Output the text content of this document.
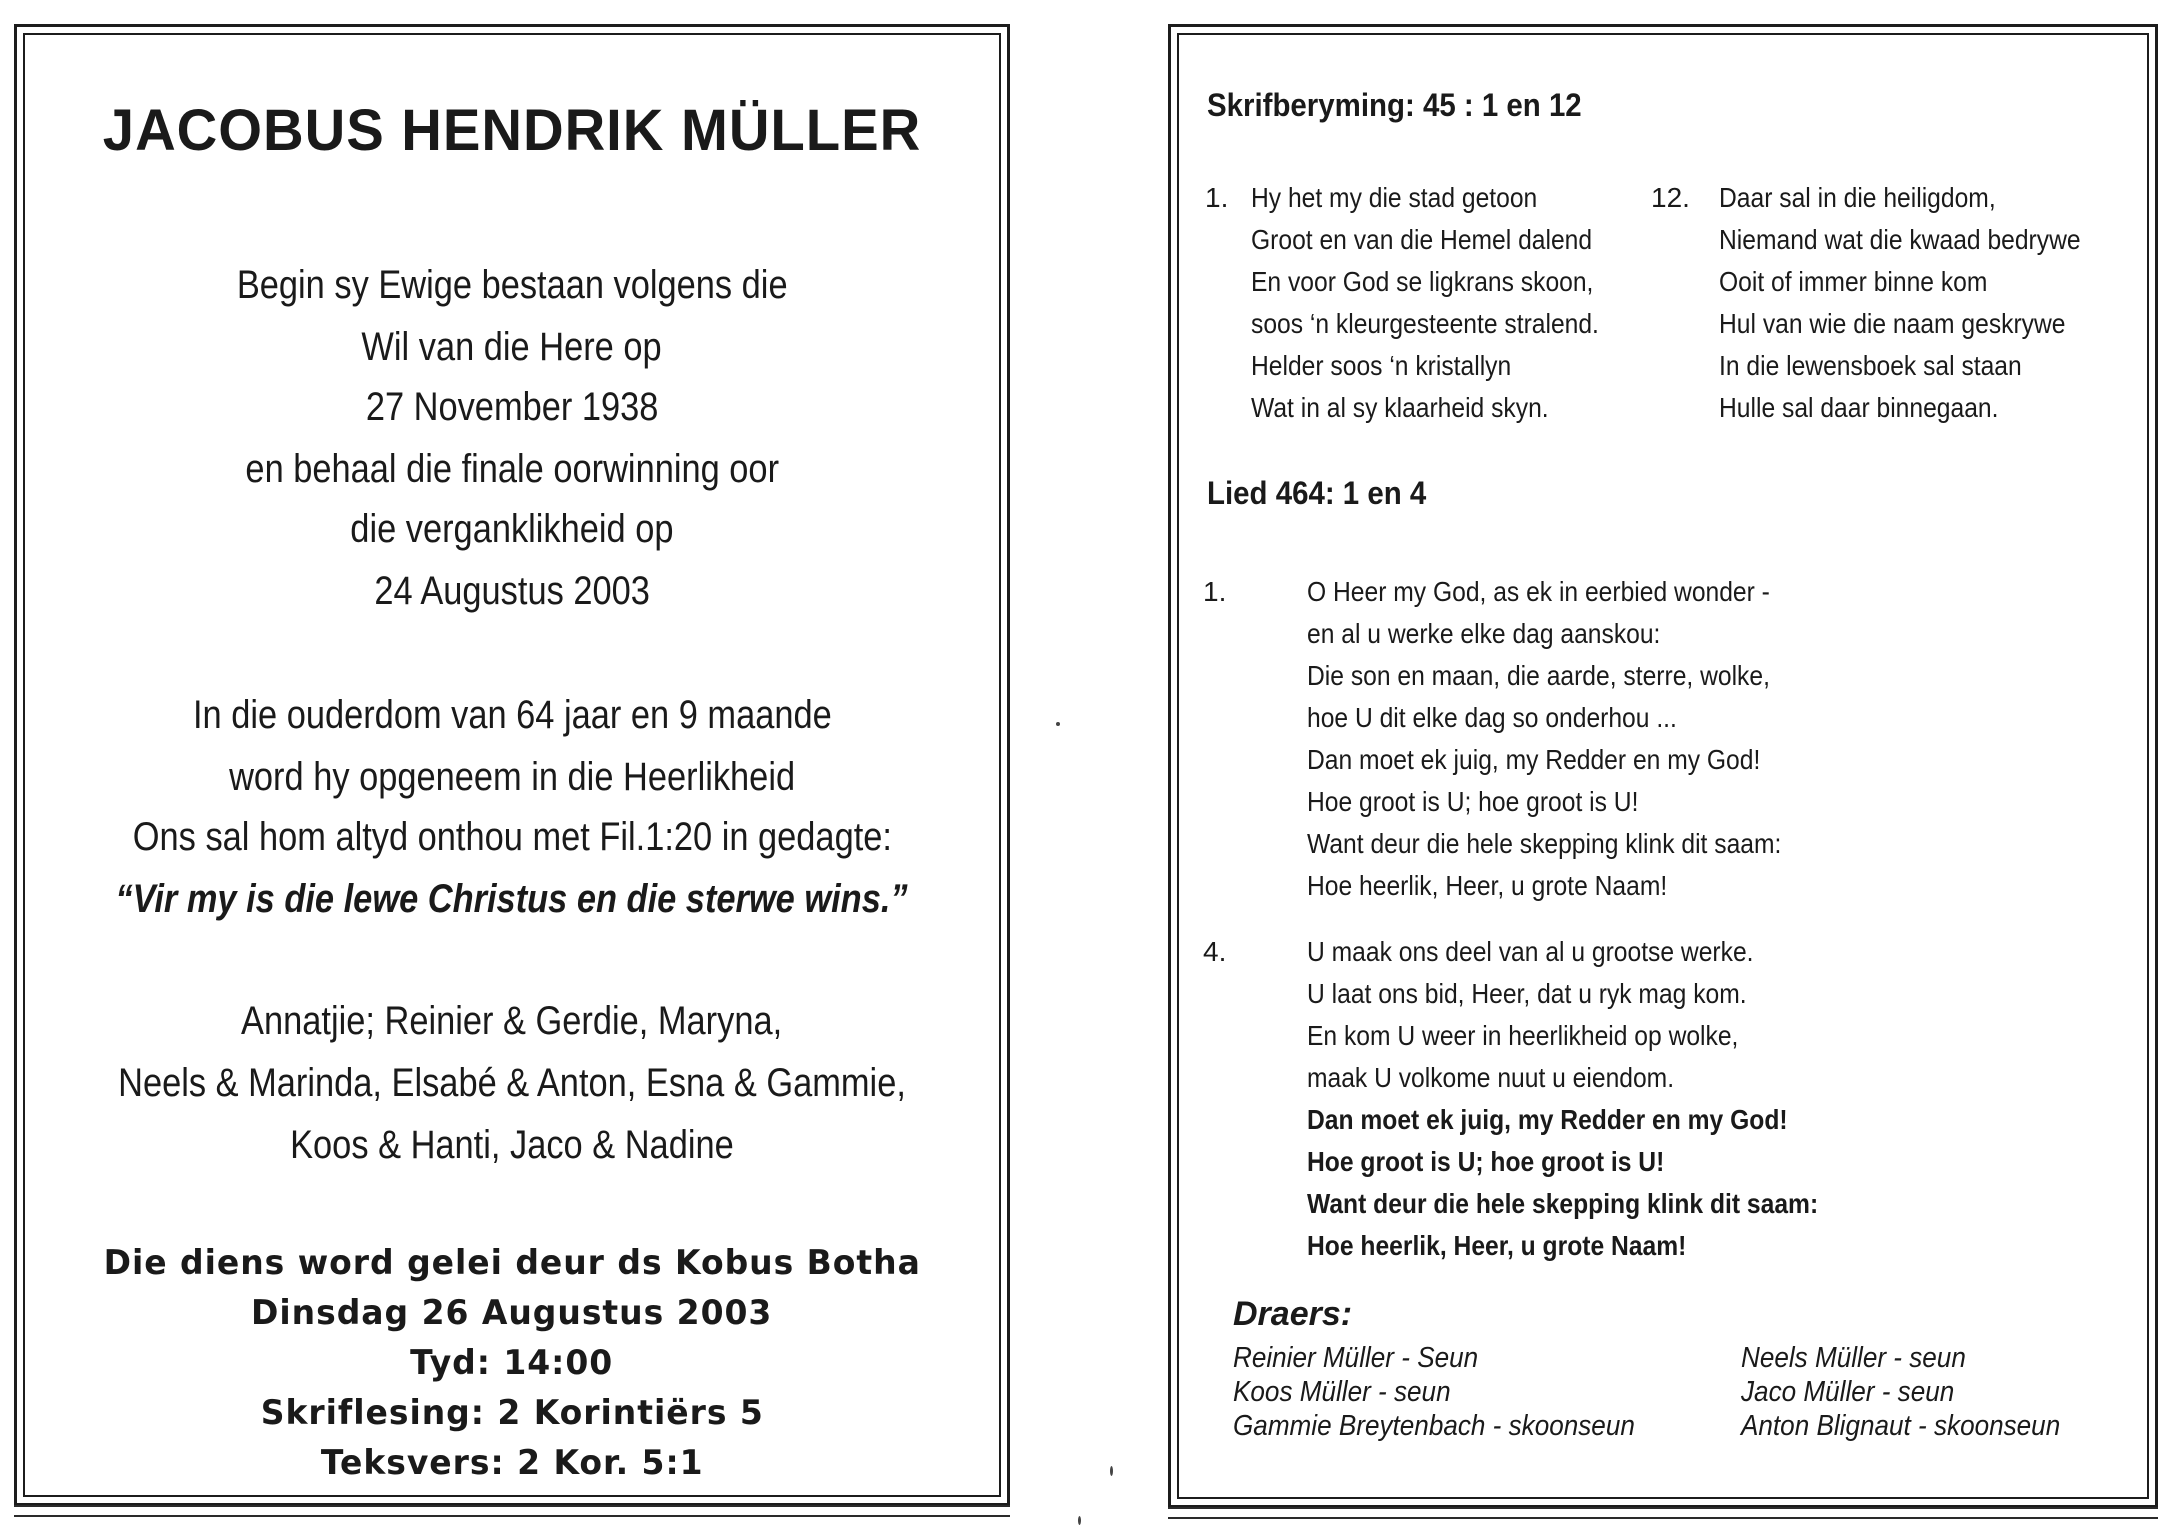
JACOBUS HENDRIK MÜLLER
Begin sy Ewige bestaan volgens die
Wil van die Here op
27 November 1938
en behaal die finale oorwinning oor
die verganklikheid op
24 Augustus 2003
In die ouderdom van 64 jaar en 9 maande
word hy opgeneem in die Heerlikheid
Ons sal hom altyd onthou met Fil.1:20 in gedagte:
“Vir my is die lewe Christus en die sterwe wins.”
Annatjie; Reinier & Gerdie, Maryna,
Neels & Marinda, Elsabé & Anton, Esna & Gammie,
Koos & Hanti, Jaco & Nadine
Die diens word gelei deur ds Kobus Botha
Dinsdag 26 Augustus 2003
Tyd: 14:00
Skriflesing: 2 Korintiërs 5
Teksvers: 2 Kor. 5:1
Skrifberyming: 45 : 1 en 12
1. Hy het my die stad getoon
Groot en van die Hemel dalend
En voor God se ligkrans skoon,
soos ‘n kleurgesteente stralend.
Helder soos ‘n kristallyn
Wat in al sy klaarheid skyn.
12. Daar sal in die heiligdom,
Niemand wat die kwaad bedrywe
Ooit of immer binne kom
Hul van wie die naam geskrywe
In die lewensboek sal staan
Hulle sal daar binnegaan.
Lied 464: 1 en 4
1.	O Heer my God, as ek in eerbied wonder -
en al u werke elke dag aanskou:
Die son en maan, die aarde, sterre, wolke,
hoe U dit elke dag so onderhou ...
Dan moet ek juig, my Redder en my God!
Hoe groot is U; hoe groot is U!
Want deur die hele skepping klink dit saam:
Hoe heerlik, Heer, u grote Naam!
4.	U maak ons deel van al u grootse werke.
U laat ons bid, Heer, dat u ryk mag kom.
En kom U weer in heerlikheid op wolke,
maak U volkome nuut u eiendom.
Dan moet ek juig, my Redder en my God!
Hoe groot is U; hoe groot is U!
Want deur die hele skepping klink dit saam:
Hoe heerlik, Heer, u grote Naam!
Draers:
Reinier Müller - Seun
Koos Müller - seun
Gammie Breytenbach - skoonseun
Neels Müller - seun
Jaco Müller - seun
Anton Blignaut - skoonseun
